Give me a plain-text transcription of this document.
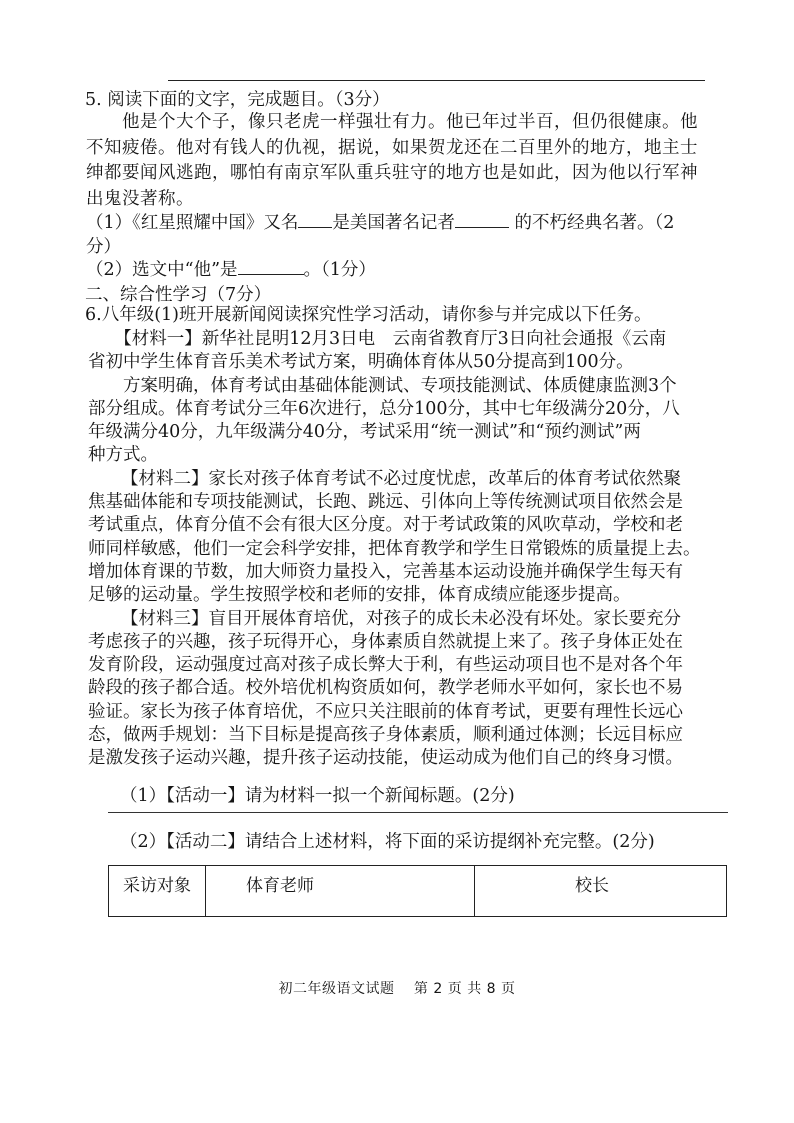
5. 阅读下面的文字，完成题目。（3分）
　　他是个大个子，像只老虎一样强壮有力。他已年过半百，但仍很健康。他
不知疲倦。他对有钱人的仇视，据说，如果贺龙还在二百里外的地方，地主士
绅都要闻风逃跑，哪怕有南京军队重兵驻守的地方也是如此，因为他以行军神
出鬼没著称。
（1）《红星照耀中国》又名 是美国著名记者	的不朽经典名著。（2
分）
（2）选文中“他”是	。（1分）
二、综合性学习（7分）
6.八年级(1)班开展新闻阅读探究性学习活动，请你参与并完成以下任务。
　　【材料一】新华社昆明12月3日电　云南省教育厅3日向社会通报《云南
省初中学生体育音乐美术考试方案，明确体育体从50分提高到100分。
　　方案明确，体育考试由基础体能测试、专项技能测试、体质健康监测3个
部分组成。体育考试分三年6次进行，总分100分，其中七年级满分20分，八
年级满分40分，九年级满分40分，考试采用“统一测试”和“预约测试”两
种方式。
【材料二】家长对孩子体育考试不必过度忧虑，改革后的体育考试依然聚
焦基础体能和专项技能测试，长跑、跳远、引体向上等传统测试项目依然会是
考试重点，体育分值不会有很大区分度。对于考试政策的风吹草动，学校和老
师同样敏感，他们一定会科学安排，把体育教学和学生日常锻炼的质量提上去。
增加体育课的节数，加大师资力量投入，完善基本运动设施并确保学生每天有
足够的运动量。学生按照学校和老师的安排，体育成绩应能逐步提高。
【材料三】盲目开展体育培优，对孩子的成长未必没有坏处。家长要充分
考虑孩子的兴趣，孩子玩得开心，身体素质自然就提上来了。孩子身体正处在
发育阶段，运动强度过高对孩子成长弊大于利，有些运动项目也不是对各个年
龄段的孩子都合适。校外培优机构资质如何，教学老师水平如何，家长也不易
验证。家长为孩子体育培优，不应只关注眼前的体育考试，更要有理性长远心
态，做两手规划：当下目标是提高孩子身体素质，顺利通过体测；长远目标应
是激发孩子运动兴趣，提升孩子运动技能，使运动成为他们自己的终身习惯。
（1）【活动一】请为材料一拟一个新闻标题。(2分)
（2）【活动二】请结合上述材料，将下面的采访提纲补充完整。(2分)
采访对象	体育老师	校长
初二年级语文试题　 第 2 页 共 8 页
